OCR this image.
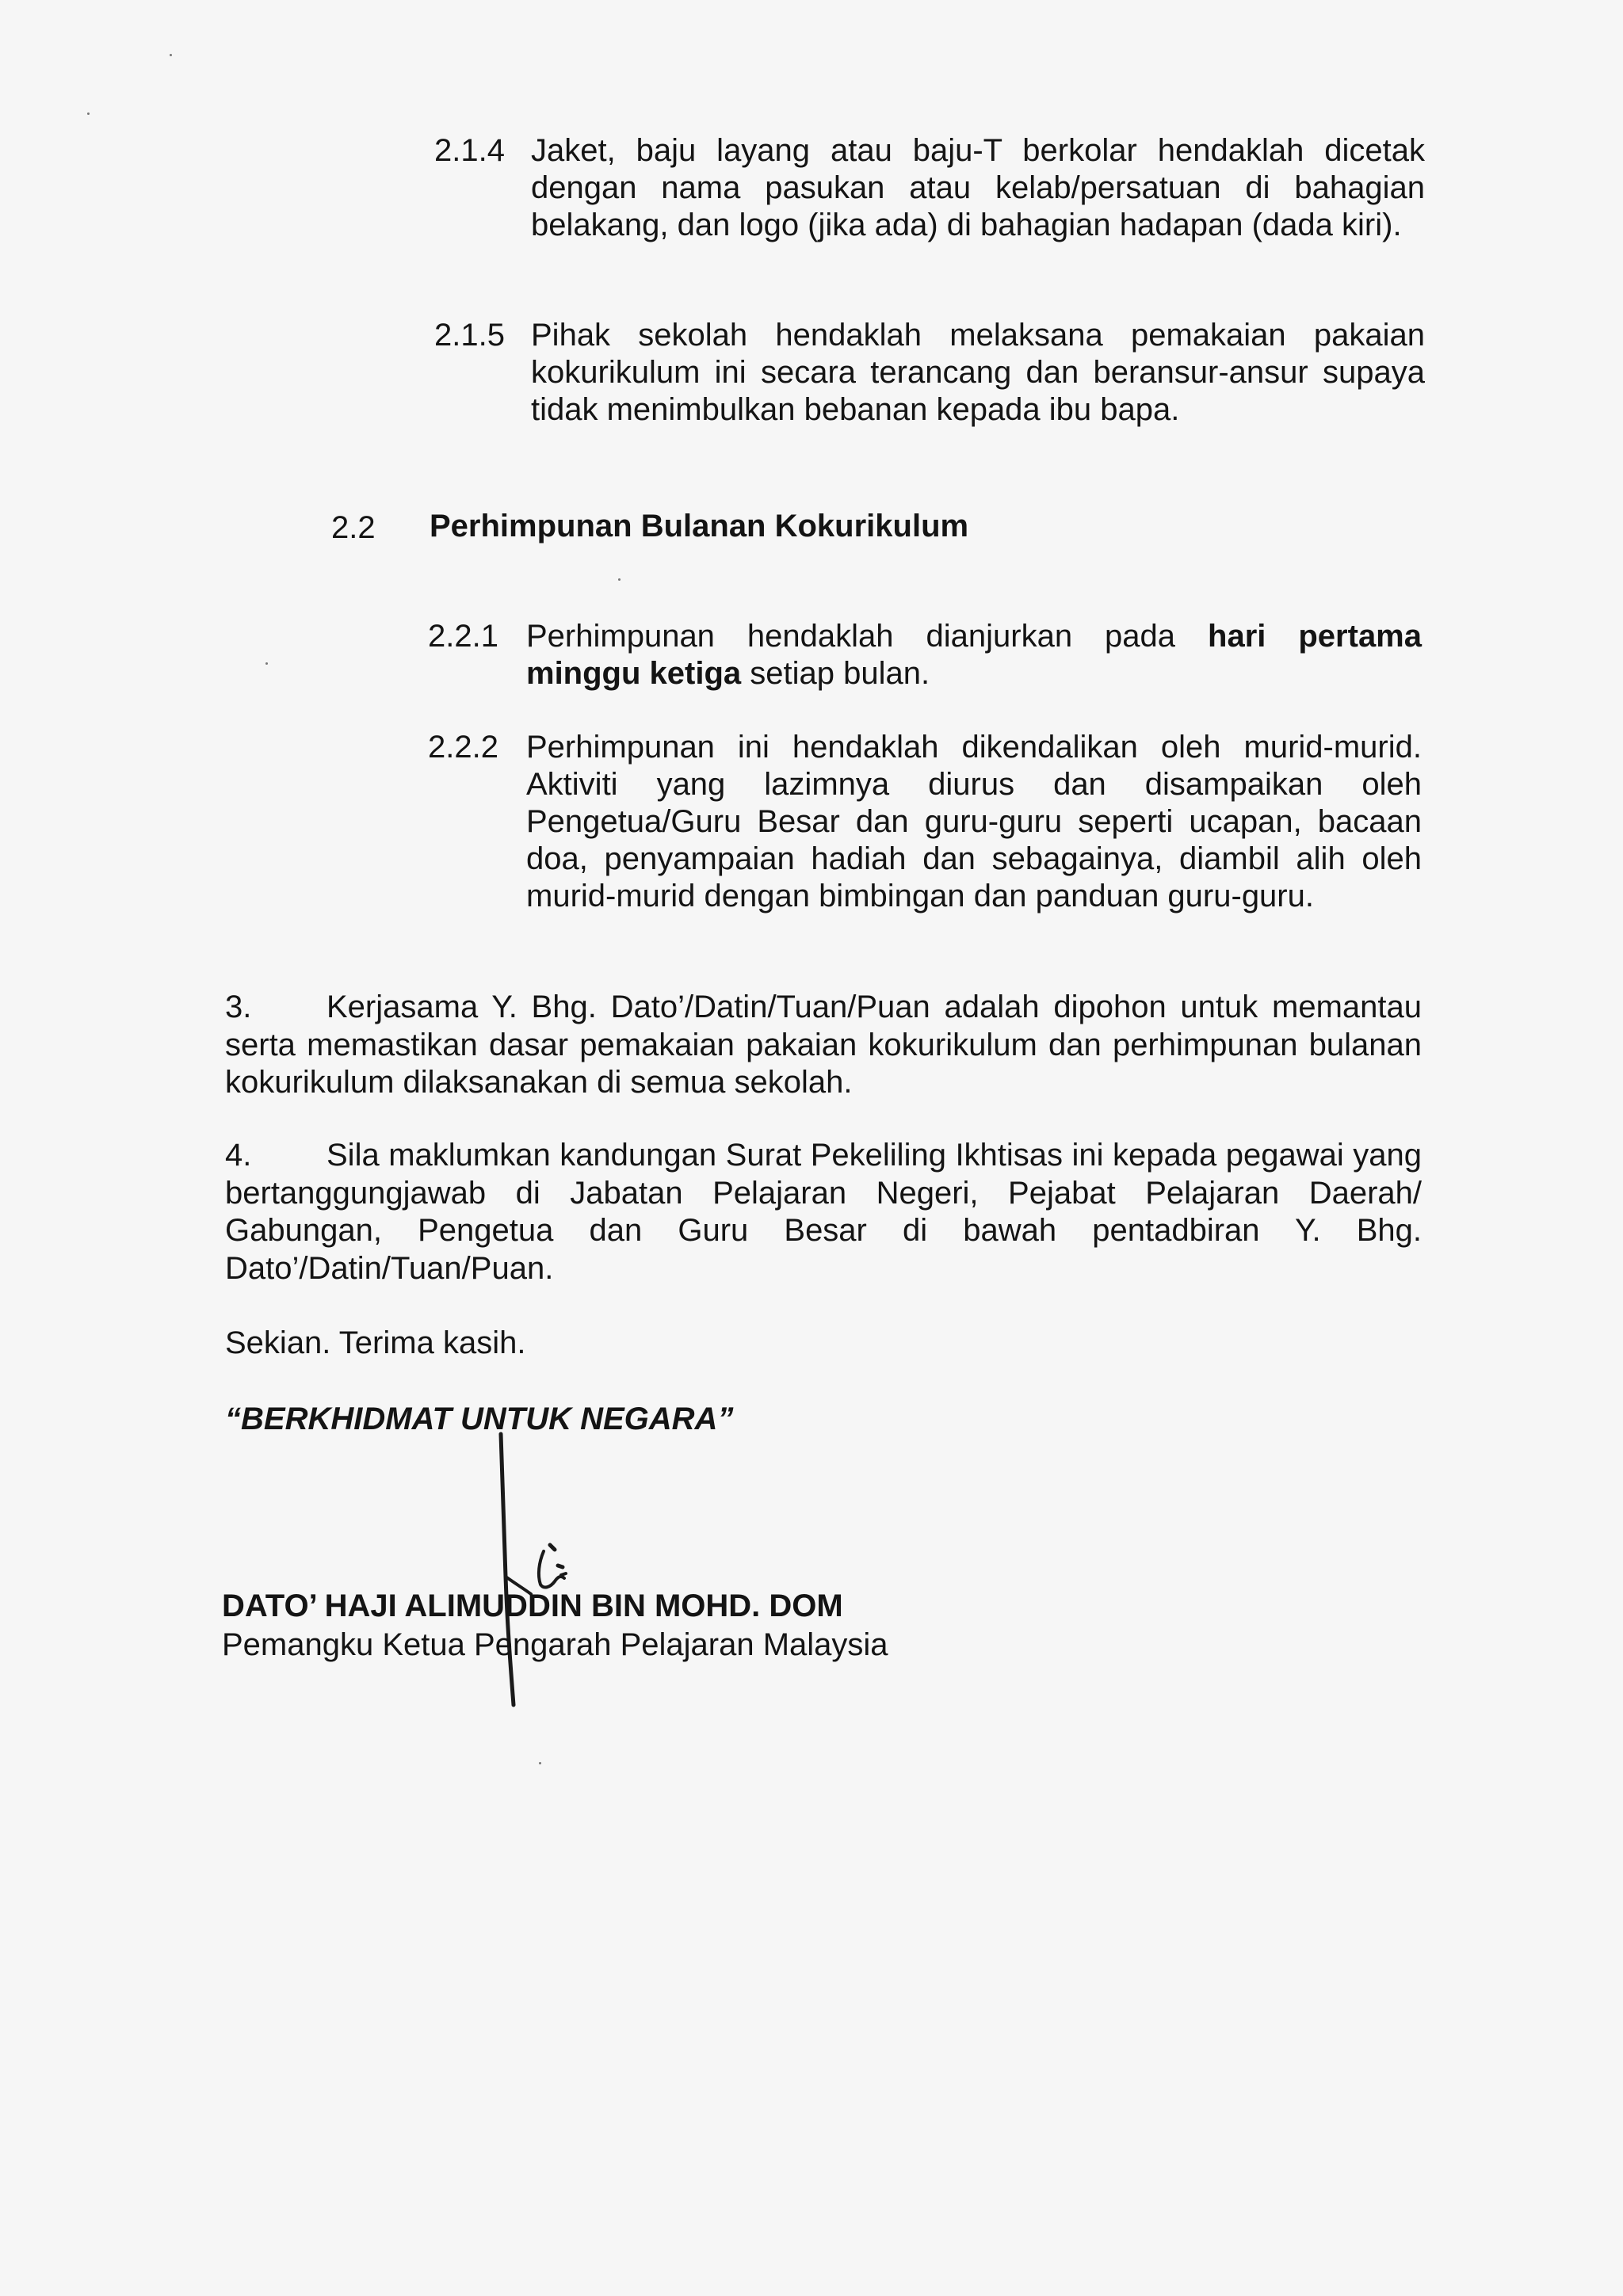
2.1.4 Jaket, baju layang atau baju-T berkolar hendaklah dicetak dengan nama pasukan atau kelab/persatuan di bahagian belakang, dan logo (jika ada) di bahagian hadapan (dada kiri).
2.1.5 Pihak sekolah hendaklah melaksana pemakaian pakaian kokurikulum ini secara terancang dan beransur-ansur supaya tidak menimbulkan bebanan kepada ibu bapa.
2.2 Perhimpunan Bulanan Kokurikulum
2.2.1 Perhimpunan hendaklah dianjurkan pada hari pertama minggu ketiga setiap bulan.
2.2.2 Perhimpunan ini hendaklah dikendalikan oleh murid-murid. Aktiviti yang lazimnya diurus dan disampaikan oleh Pengetua/Guru Besar dan guru-guru seperti ucapan, bacaan doa, penyampaian hadiah dan sebagainya, diambil alih oleh murid-murid dengan bimbingan dan panduan guru-guru.
3. Kerjasama Y. Bhg. Dato’/Datin/Tuan/Puan adalah dipohon untuk memantau serta memastikan dasar pemakaian pakaian kokurikulum dan perhimpunan bulanan kokurikulum dilaksanakan di semua sekolah.
4. Sila maklumkan kandungan Surat Pekeliling Ikhtisas ini kepada pegawai yang bertanggungjawab di Jabatan Pelajaran Negeri, Pejabat Pelajaran Daerah/ Gabungan, Pengetua dan Guru Besar di bawah pentadbiran Y. Bhg. Dato’/Datin/Tuan/Puan.
Sekian. Terima kasih.
“BERKHIDMAT UNTUK NEGARA”
DATO’ HAJI ALIMUDDIN BIN MOHD. DOM
Pemangku Ketua Pengarah Pelajaran Malaysia
